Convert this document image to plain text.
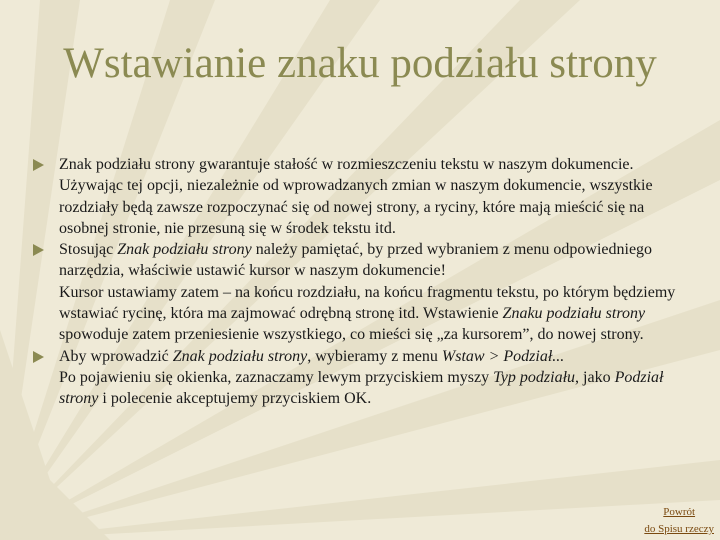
Wstawianie znaku podziału strony
Znak podziału strony gwarantuje stałość w rozmieszczeniu tekstu w naszym dokumencie. Używając tej opcji, niezależnie od wprowadzanych zmian w naszym dokumencie, wszystkie rozdziały będą zawsze rozpoczynać się od nowej strony, a ryciny, które mają mieścić się na osobnej stronie, nie przesuną się w środek tekstu itd.
Stosując Znak podziału strony należy pamiętać, by przed wybraniem z menu odpowiedniego narzędzia, właściwie ustawić kursor w naszym dokumencie!
Kursor ustawiamy zatem – na końcu rozdziału, na końcu fragmentu tekstu, po którym będziemy wstawiać rycinę, która ma zajmować odrębną stronę itd. Wstawienie Znaku podziału strony spowoduje zatem przeniesienie wszystkiego, co mieści się „za kursorem”, do nowej strony.
Aby wprowadzić Znak podziału strony, wybieramy z menu Wstaw > Podział...
Po pojawieniu się okienka, zaznaczamy lewym przyciskiem myszy Typ podziału, jako Podział strony i polecenie akceptujemy przyciskiem OK.
Powrót
do Spisu rzeczy
